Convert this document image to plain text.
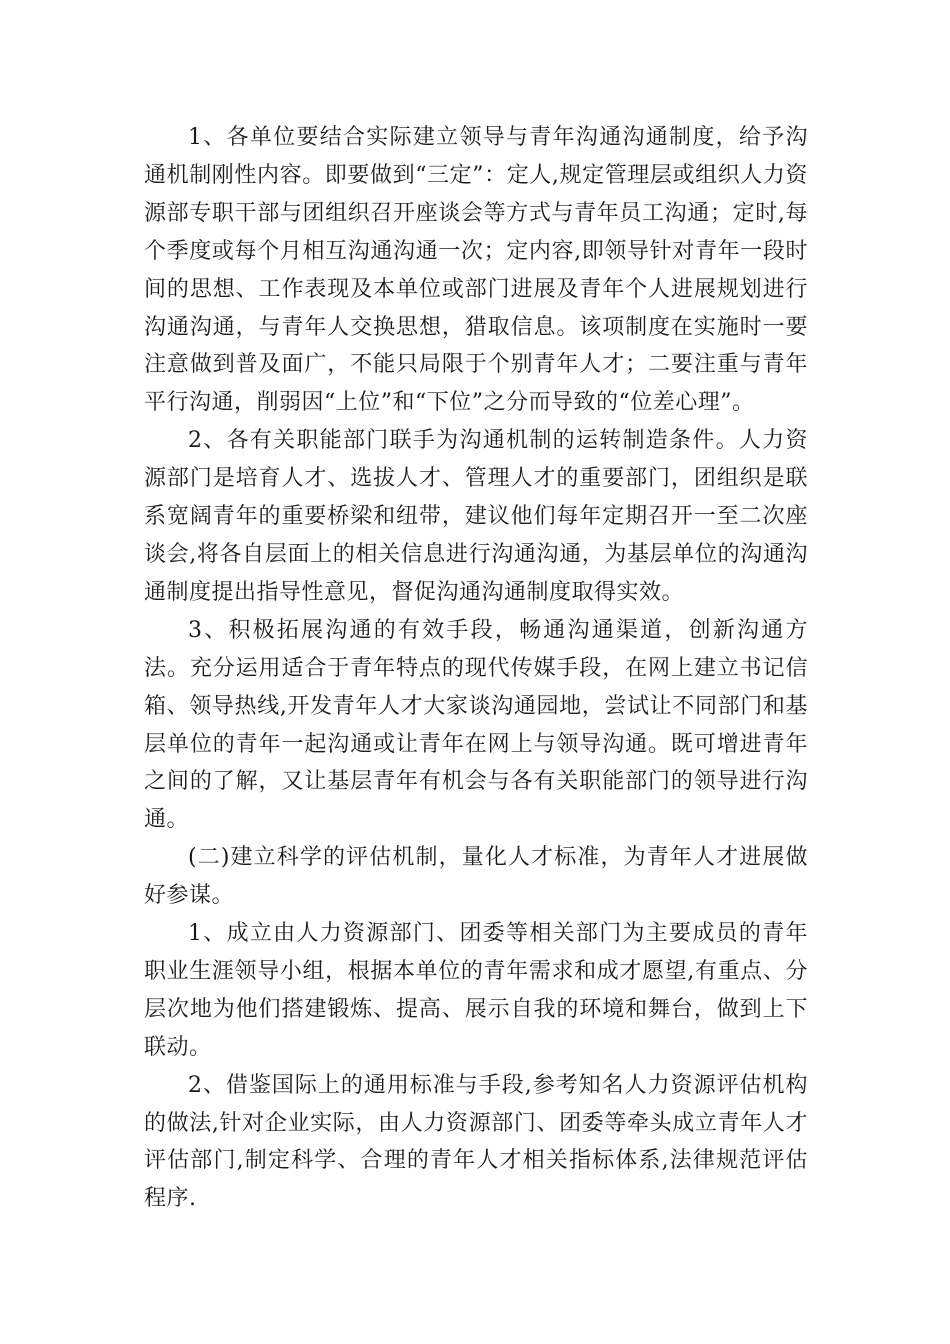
1、各单位要结合实际建立领导与青年沟通沟通制度，给予沟通机制刚性内容。即要做到“三定”：定人,规定管理层或组织人力资源部专职干部与团组织召开座谈会等方式与青年员工沟通；定时,每个季度或每个月相互沟通沟通一次；定内容,即领导针对青年一段时间的思想、工作表现及本单位或部门进展及青年个人进展规划进行沟通沟通，与青年人交换思想，猎取信息。该项制度在实施时一要注意做到普及面广，不能只局限于个别青年人才；二要注重与青年平行沟通，削弱因“上位”和“下位”之分而导致的“位差心理”。

2、各有关职能部门联手为沟通机制的运转制造条件。人力资源部门是培育人才、选拔人才、管理人才的重要部门，团组织是联系宽阔青年的重要桥梁和纽带，建议他们每年定期召开一至二次座谈会,将各自层面上的相关信息进行沟通沟通，为基层单位的沟通沟通制度提出指导性意见，督促沟通沟通制度取得实效。

3、积极拓展沟通的有效手段，畅通沟通渠道，创新沟通方法。充分运用适合于青年特点的现代传媒手段，在网上建立书记信箱、领导热线,开发青年人才大家谈沟通园地，尝试让不同部门和基层单位的青年一起沟通或让青年在网上与领导沟通。既可增进青年之间的了解，又让基层青年有机会与各有关职能部门的领导进行沟通。

(二)建立科学的评估机制，量化人才标准，为青年人才进展做好参谋。

1、成立由人力资源部门、团委等相关部门为主要成员的青年职业生涯领导小组，根据本单位的青年需求和成才愿望,有重点、分层次地为他们搭建锻炼、提高、展示自我的环境和舞台，做到上下联动。

2、借鉴国际上的通用标准与手段,参考知名人力资源评估机构的做法,针对企业实际，由人力资源部门、团委等牵头成立青年人才评估部门,制定科学、合理的青年人才相关指标体系,法律规范评估程序.
